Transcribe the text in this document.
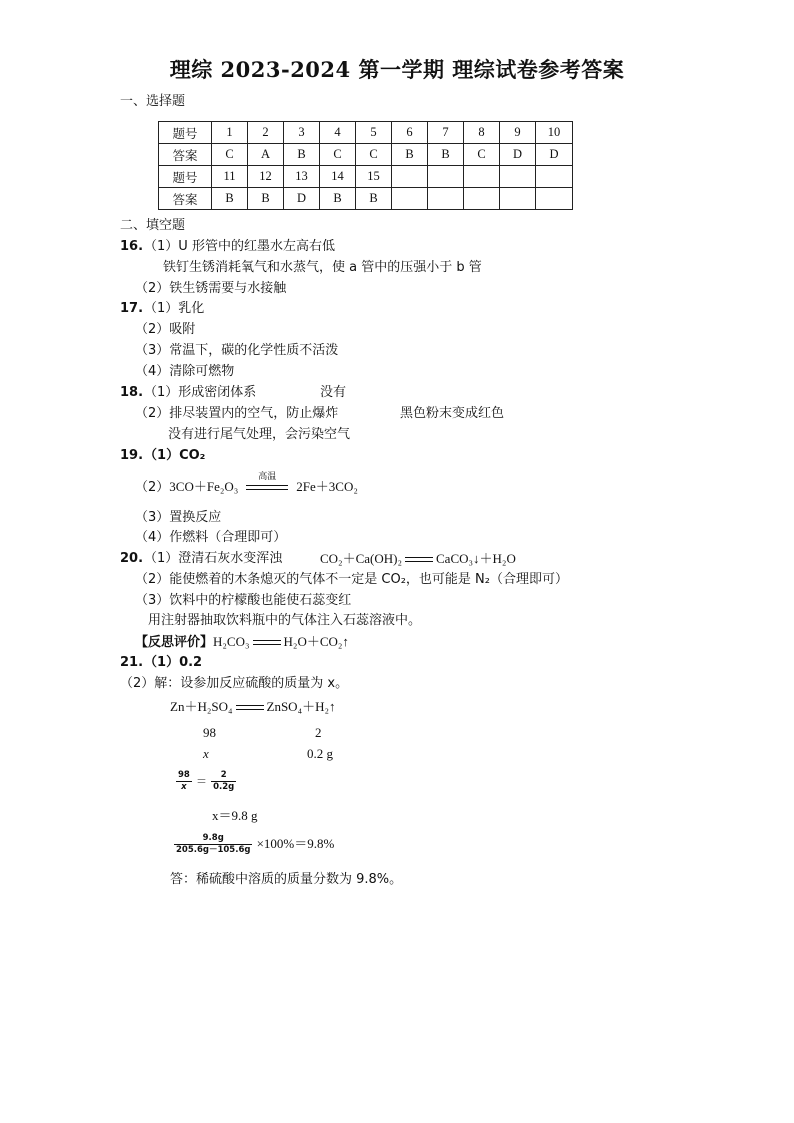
理综 2023-2024 第一学期 理综试卷参考答案
一、选择题
题号	1	2	3	4	5	6	7	8	9	10
答案	C	A	B	C	C	B	B	C	D	D
题号	11	12	13	14	15					
答案	B	B	D	B	B					
二、填空题
16.（1）U 形管中的红墨水左高右低
铁钉生锈消耗氧气和水蒸气，使 a 管中的压强小于 b 管
（2）铁生锈需要与水接触
17.（1）乳化
（2）吸附
（3）常温下，碳的化学性质不活泼
（4）清除可燃物
18.（1）形成密闭体系	没有
（2）排尽装置内的空气，防止爆炸	黑色粉末变成红色
没有进行尾气处理，会污染空气
19.（1）CO₂
（2）3CO＋Fe₂O₃
高温
2Fe＋3CO₂
（3）置换反应
（4）作燃料（合理即可）
20.（1）澄清石灰水变浑浊	CO₂＋Ca(OH)₂	CaCO₃↓＋H₂O
（2）能使燃着的木条熄灭的气体不一定是 CO₂，也可能是 N₂（合理即可）
（3）饮料中的柠檬酸也能使石蕊变红
用注射器抽取饮料瓶中的气体注入石蕊溶液中。
【反思评价】H₂CO₃	H₂O＋CO₂↑
21.（1）0.2
（2）解：设参加反应硫酸的质量为 x。
Zn＋H₂SO₄	ZnSO₄＋H₂↑
98	2
x	0.2 g
$\frac{98}{x} = \frac{2}{0.2g}$
x＝9.8 g
$\frac{9.8g}{205.6g-105.6g} \times 100\%=9.8\%$
答：稀硫酸中溶质的质量分数为 9.8%。
